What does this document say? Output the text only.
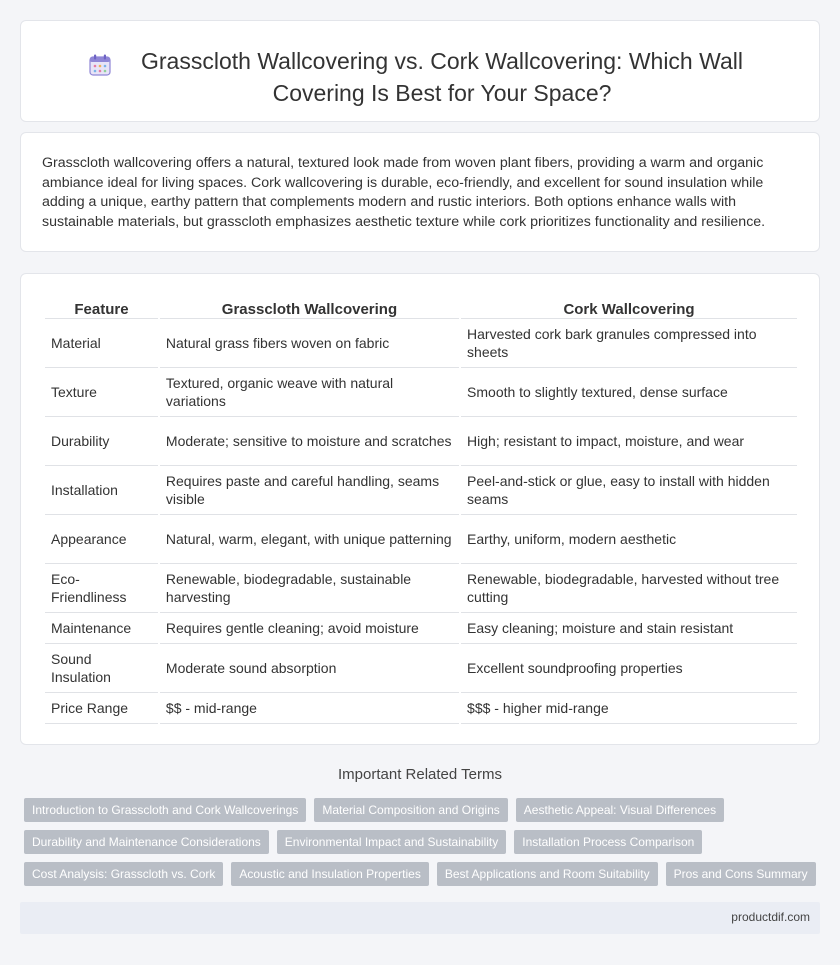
Grasscloth Wallcovering vs. Cork Wallcovering: Which Wall Covering Is Best for Your Space?

Grasscloth wallcovering offers a natural, textured look made from woven plant fibers, providing a warm and organic ambiance ideal for living spaces. Cork wallcovering is durable, eco-friendly, and excellent for sound insulation while adding a unique, earthy pattern that complements modern and rustic interiors. Both options enhance walls with sustainable materials, but grasscloth emphasizes aesthetic texture while cork prioritizes functionality and resilience.

Feature	Grasscloth Wallcovering	Cork Wallcovering
Material	Natural grass fibers woven on fabric	Harvested cork bark granules compressed into sheets
Texture	Textured, organic weave with natural variations	Smooth to slightly textured, dense surface
Durability	Moderate; sensitive to moisture and scratches	High; resistant to impact, moisture, and wear
Installation	Requires paste and careful handling, seams visible	Peel-and-stick or glue, easy to install with hidden seams
Appearance	Natural, warm, elegant, with unique patterning	Earthy, uniform, modern aesthetic
Eco-Friendliness	Renewable, biodegradable, sustainable harvesting	Renewable, biodegradable, harvested without tree cutting
Maintenance	Requires gentle cleaning; avoid moisture	Easy cleaning; moisture and stain resistant
Sound Insulation	Moderate sound absorption	Excellent soundproofing properties
Price Range	$$ - mid-range	$$$ - higher mid-range
Important Related Terms
Introduction to Grasscloth and Cork Wallcoverings	Material Composition and Origins	Aesthetic Appeal: Visual Differences
Durability and Maintenance Considerations	Environmental Impact and Sustainability	Installation Process Comparison
Cost Analysis: Grasscloth vs. Cork	Acoustic and Insulation Properties	Best Applications and Room Suitability	Pros and Cons Summary
productdif.com
